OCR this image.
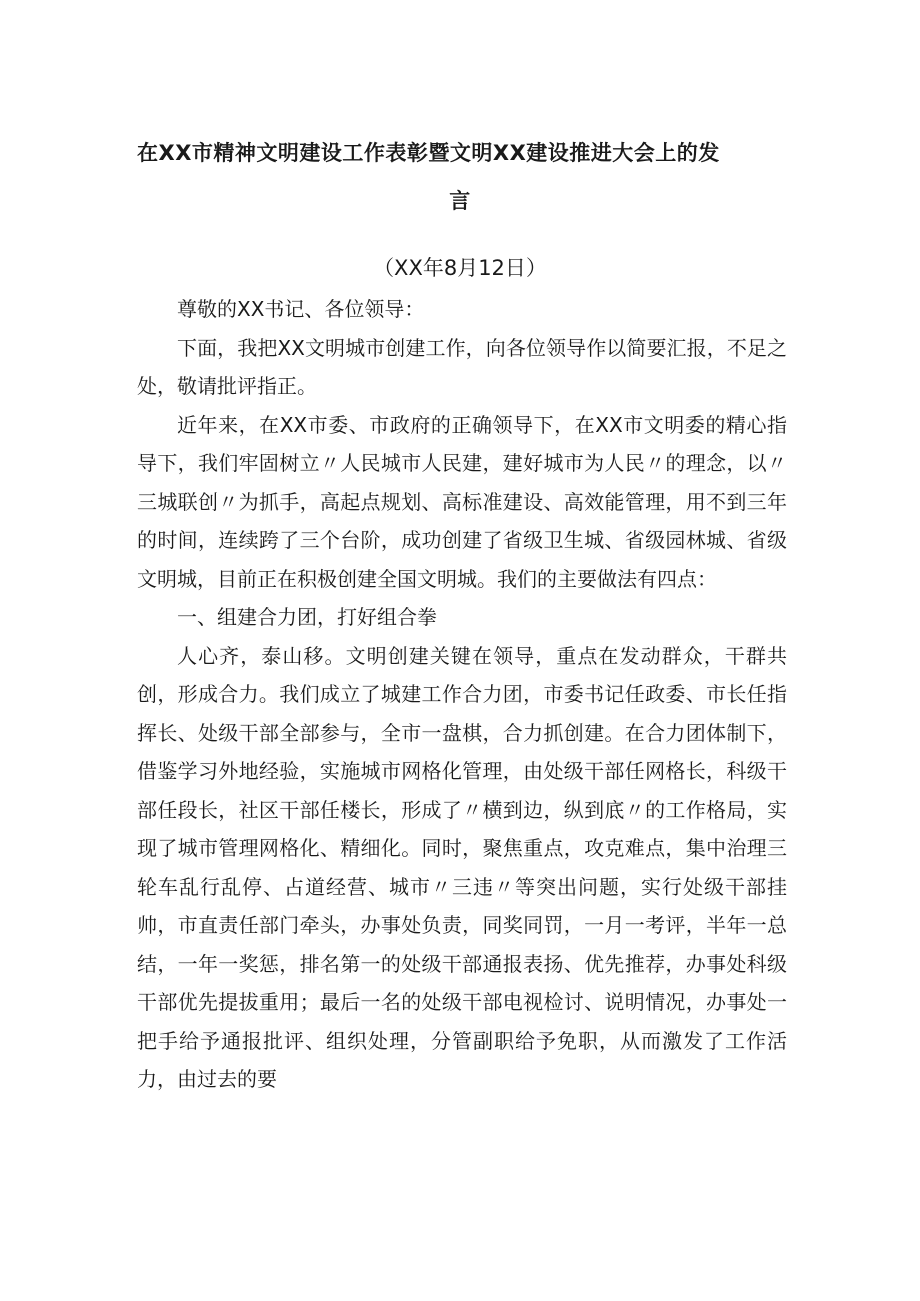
在XX市精神文明建设工作表彰暨文明XX建设推进大会上的发
言
（XX年8月12日）

尊敬的XX书记、各位领导：

下面，我把XX文明城市创建工作，向各位领导作以简要汇报，不足之处，敬请批评指正。

近年来，在XX市委、市政府的正确领导下，在XX市文明委的精心指导下，我们牢固树立〃人民城市人民建，建好城市为人民〃的理念，以〃三城联创〃为抓手，高起点规划、高标准建设、高效能管理，用不到三年的时间，连续跨了三个台阶，成功创建了省级卫生城、省级园林城、省级文明城，目前正在积极创建全国文明城。我们的主要做法有四点：

一、组建合力团，打好组合拳

人心齐，泰山移。文明创建关键在领导，重点在发动群众，干群共创，形成合力。我们成立了城建工作合力团，市委书记任政委、市长任指挥长、处级干部全部参与，全市一盘棋，合力抓创建。在合力团体制下，借鉴学习外地经验，实施城市网格化管理，由处级干部任网格长，科级干部任段长，社区干部任楼长，形成了〃横到边，纵到底〃的工作格局，实现了城市管理网格化、精细化。同时，聚焦重点，攻克难点，集中治理三轮车乱行乱停、占道经营、城市〃三违〃等突出问题，实行处级干部挂帅，市直责任部门牵头，办事处负责，同奖同罚，一月一考评，半年一总结，一年一奖惩，排名第一的处级干部通报表扬、优先推荐，办事处科级干部优先提拔重用；最后一名的处级干部电视检讨、说明情况，办事处一把手给予通报批评、组织处理，分管副职给予免职，从而激发了工作活力，由过去的要
